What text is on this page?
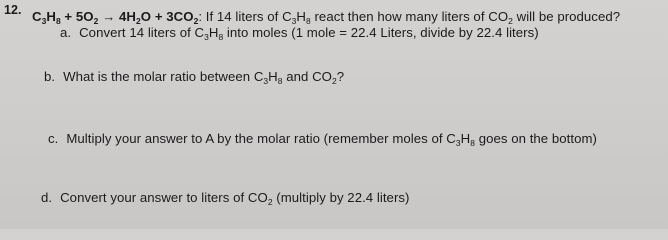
12. $C_3H_8 + 5O_2 \to 4H_2O + 3CO_2$: If 14 liters of $C_3H_8$ react then how many liters of $CO_2$ will be produced?
a. Convert 14 liters of $C_3H_8$ into moles (1 mole = 22.4 Liters, divide by 22.4 liters)
b. What is the molar ratio between $C_3H_8$ and $CO_2$?
c. Multiply your answer to A by the molar ratio (remember moles of $C_3H_8$ goes on the bottom)
d. Convert your answer to liters of $CO_2$ (multiply by 22.4 liters)
